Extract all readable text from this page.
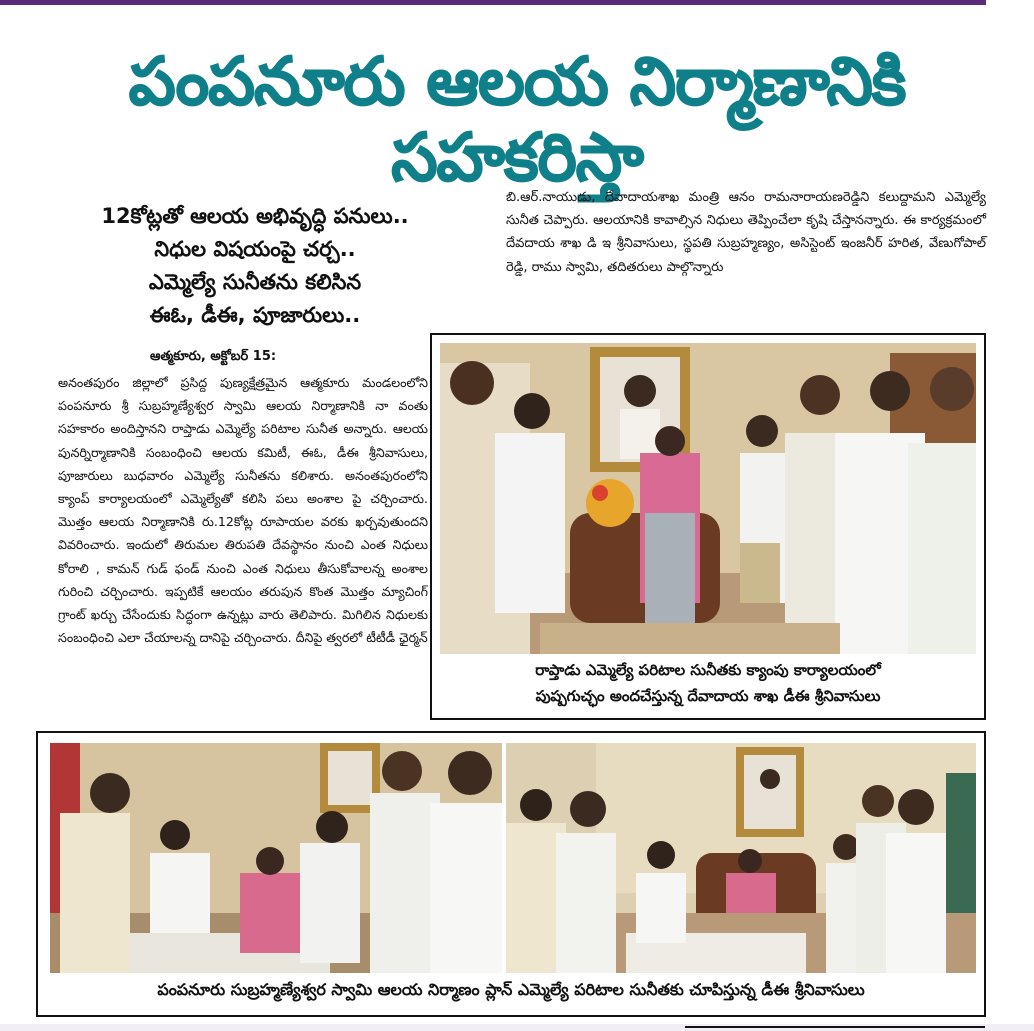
పంపనూరు ఆలయ నిర్మాణానికి సహకరిస్తా
12కోట్లతో ఆలయ అభివృద్ధి పనులు..
నిధుల విషయంపై చర్చ..
ఎమ్మెల్యే సునీతను కలిసిన
ఈఓ, డీఈ, పూజారులు..

బి.ఆర్.నాయుడు, దేవాదాయశాఖ మంత్రి ఆనం రామనారాయణరెడ్డిని కలుద్దామని ఎమ్మెల్యే సునీత చెప్పారు. ఆలయానికి కావాల్సిన నిధులు తెప్పించేలా కృషి చేస్తానన్నారు. ఈ కార్యక్రమంలో దేవదాయ శాఖ డి ఇ శ్రీనివాసులు, స్థపతి సుబ్రహ్మణ్యం, అసిస్టెంట్ ఇంజనీర్ హరిత, వేణుగోపాల్ రెడ్డి, రాము స్వామి, తదితరులు పాల్గొన్నారు

ఆత్మకూరు, అక్టోబర్ 15:

అనంతపురం జిల్లాలో ప్రసిద్ద పుణ్యక్షేత్రమైన ఆత్మకూరు మండలంలోని పంపనూరు శ్రీ సుబ్రహ్మణ్యేశ్వర స్వామి ఆలయ నిర్మాణానికి నా వంతు సహకారం అందిస్తానని రాప్తాడు ఎమ్మెల్యే పరిటాల సునీత అన్నారు. ఆలయ పునర్నిర్మాణానికి సంబంధించి ఆలయ కమిటీ, ఈఓ, డీఈ శ్రీనివాసులు, పూజారులు బుధవారం ఎమ్మెల్యే సునీతను కలిశారు. అనంతపురంలోని క్యాంప్ కార్యాలయంలో ఎమ్మెల్యేతో కలిసి పలు అంశాల పై చర్చించారు. మొత్తం ఆలయ నిర్మాణానికి రు.12కోట్ల రూపాయల వరకు ఖర్చవుతుందని వివరించారు. ఇందులో తిరుమల తిరుపతి దేవస్థానం నుంచి ఎంత నిధులు కోరాలి , కామన్ గుడ్ ఫండ్ నుంచి ఎంత నిధులు తీసుకోవాలన్న అంశాల గురించి చర్చించారు. ఇప్పటికే ఆలయం తరుపున కొంత మొత్తం మ్యాచింగ్ గ్రాంట్ ఖర్చు చేసేందుకు సిద్ధంగా ఉన్నట్లు వారు తెలిపారు. మిగిలిన నిధులకు సంబంధించి ఎలా చేయాలన్న దానిపై చర్చించారు. దీనిపై త్వరలో టీటీడీ ఛైర్మన్

రాప్తాడు ఎమ్మెల్యే పరిటాల సునీతకు క్యాంపు కార్యాలయంలో
పుష్పగుచ్ఛం అందచేస్తున్న దేవాదాయ శాఖ డీఈ శ్రీనివాసులు
పంపనూరు సుబ్రహ్మణ్యేశ్వర స్వామి ఆలయ నిర్మాణం ప్లాన్ ఎమ్మెల్యే పరిటాల సునీతకు చూపిస్తున్న డీఈ శ్రీనివాసులు
